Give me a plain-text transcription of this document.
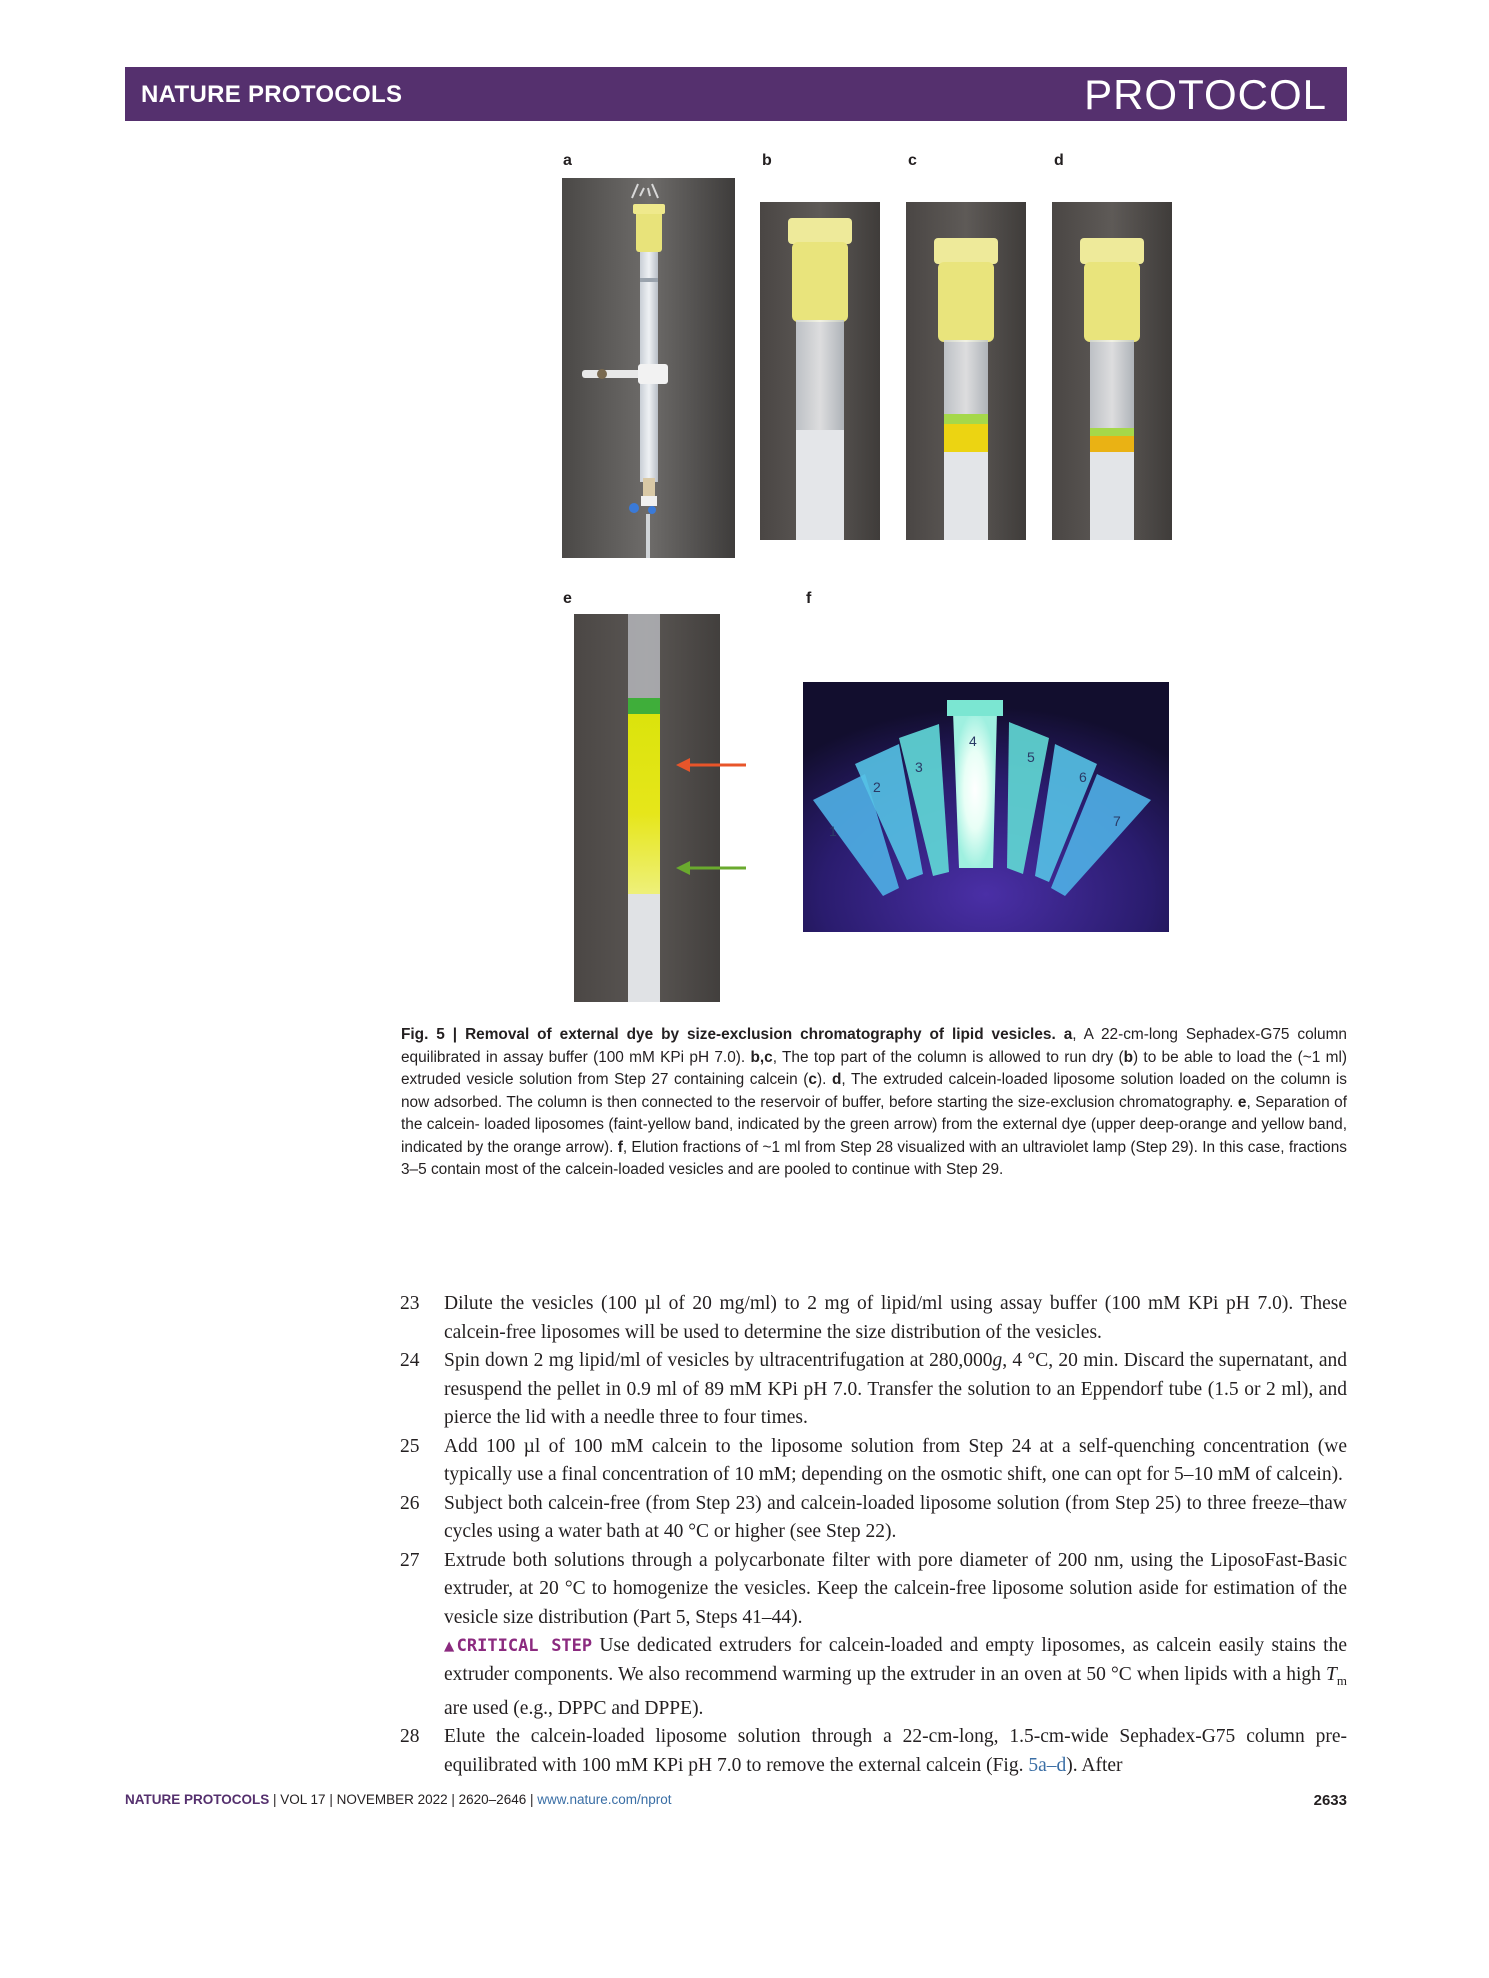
NATURE PROTOCOLS	PROTOCOL
a	b	c	d
e	f
1
2
3
4
5
6
7
Fig. 5 | Removal of external dye by size-exclusion chromatography of lipid vesicles. a, A 22-cm-long Sephadex-G75 column equilibrated in assay buffer (100 mM KPi pH 7.0). b,c, The top part of the column is allowed to run dry (b) to be able to load the (~1 ml) extruded vesicle solution from Step 27 containing calcein (c). d, The extruded calcein-loaded liposome solution loaded on the column is now adsorbed. The column is then connected to the reservoir of buffer, before starting the size-exclusion chromatography. e, Separation of the calcein- loaded liposomes (faint-yellow band, indicated by the green arrow) from the external dye (upper deep-orange and yellow band, indicated by the orange arrow). f, Elution fractions of ~1 ml from Step 28 visualized with an ultraviolet lamp (Step 29). In this case, fractions 3–5 contain most of the calcein-loaded vesicles and are pooled to continue with Step 29.
23 Dilute the vesicles (100 µl of 20 mg/ml) to 2 mg of lipid/ml using assay buffer (100 mM KPi pH 7.0). These calcein-free liposomes will be used to determine the size distribution of the vesicles.
24 Spin down 2 mg lipid/ml of vesicles by ultracentrifugation at 280,000g, 4 °C, 20 min. Discard the supernatant, and resuspend the pellet in 0.9 ml of 89 mM KPi pH 7.0. Transfer the solution to an Eppendorf tube (1.5 or 2 ml), and pierce the lid with a needle three to four times.
25 Add 100 µl of 100 mM calcein to the liposome solution from Step 24 at a self-quenching concentration (we typically use a final concentration of 10 mM; depending on the osmotic shift, one can opt for 5–10 mM of calcein).
26 Subject both calcein-free (from Step 23) and calcein-loaded liposome solution (from Step 25) to three freeze–thaw cycles using a water bath at 40 °C or higher (see Step 22).
27 Extrude both solutions through a polycarbonate filter with pore diameter of 200 nm, using the LiposoFast-Basic extruder, at 20 °C to homogenize the vesicles. Keep the calcein-free liposome solution aside for estimation of the vesicle size distribution (Part 5, Steps 41–44).
▲CRITICAL STEP Use dedicated extruders for calcein-loaded and empty liposomes, as calcein easily stains the extruder components. We also recommend warming up the extruder in an oven at 50 °C when lipids with a high $T_m$ are used (e.g., DPPC and DPPE).
28 Elute the calcein-loaded liposome solution through a 22-cm-long, 1.5-cm-wide Sephadex-G75 column pre-equilibrated with 100 mM KPi pH 7.0 to remove the external calcein (Fig. 5a–d). After
NATURE PROTOCOLS | VOL 17 | NOVEMBER 2022 | 2620–2646 | www.nature.com/nprot	2633
